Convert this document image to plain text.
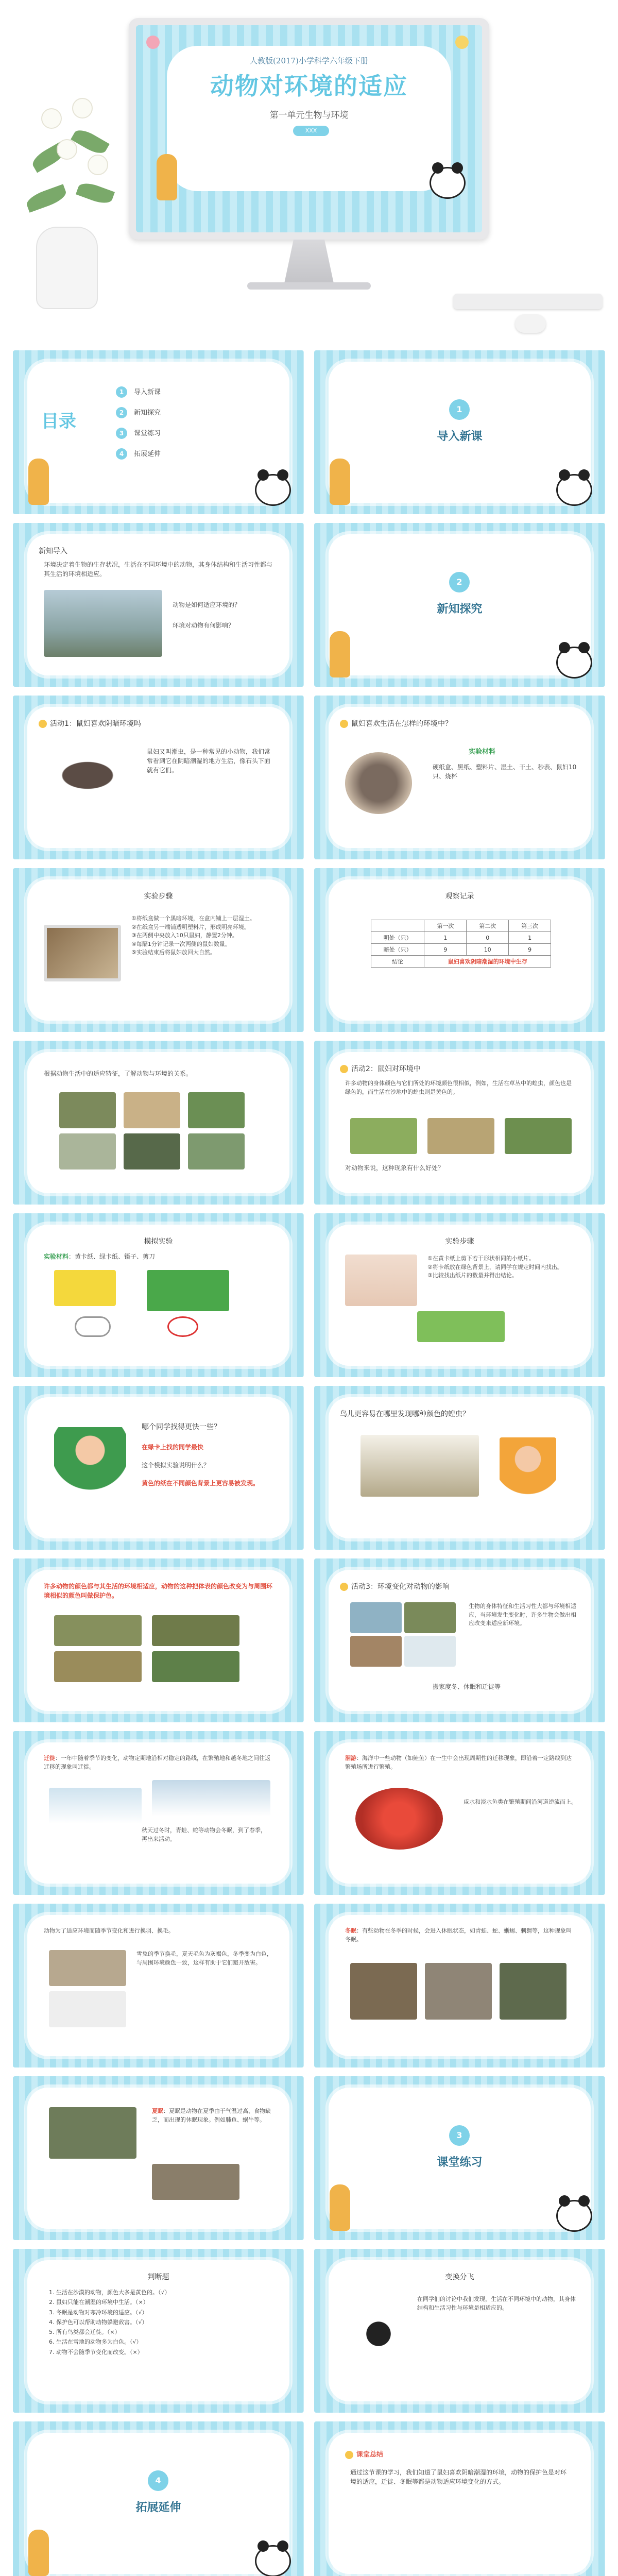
人教版(2017)小学科学六年级下册
动物对环境的适应
第一单元生物与环境
XXX
目录
1	导入新课
2	新知探究
3	课堂练习
4	拓展延伸
1
导入新课
新知导入
环境决定着生物的生存状况，生活在不同环境中的动物，其身体结构和生活习性都与其生活的环境相适应。
动物是如何适应环境的？
环境对动物有何影响？
2
新知探究
活动1：鼠妇喜欢阴暗环境吗
鼠妇又叫潮虫，是一种常见的小动物，我们常常看到它在阴暗潮湿的地方生活，像石头下面就有它们。
鼠妇喜欢生活在怎样的环境中？
实验材料
硬纸盒、黑纸、塑料片、湿土、干土、秒表、鼠妇10只、烧杯
实验步骤
①将纸盒做一个黑暗环境，在盒内铺上一层湿土。
②在纸盒另一端铺透明塑料片，形成明亮环境。
③在两侧中央放入10只鼠妇，静置2分钟。
④每隔1分钟记录一次两侧的鼠妇数量。
⑤实验结束后将鼠妇放回大自然。
观察记录
	第一次	第二次	第三次
明处（只）	1	0	1
暗处（只）	9	10	9
结论	鼠妇喜欢阴暗潮湿的环境中生存		
根据动物生活中的适应特征，了解动物与环境的关系。
活动2：鼠妇对环境中
许多动物的身体颜色与它们所处的环境颜色很相似，例如，生活在草丛中的蝗虫，颜色也是绿色的，而生活在沙地中的蝗虫则是黄色的。
对动物来说，这种现象有什么好处？
模拟实验
实验材料：黄卡纸、绿卡纸、镊子、剪刀
实验步骤
①在黄卡纸上剪下若干形状相同的小纸片。
②将卡纸放在绿色背景上，请同学在规定时间内找出。
③比较找出纸片的数量并得出结论。
哪个同学找得更快一些？
在绿卡上找的同学最快
这个模拟实验说明什么？
黄色的纸在不同颜色背景上更容易被发现。
鸟儿更容易在哪里发现哪种颜色的蝗虫？
许多动物的颜色都与其生活的环境相适应，动物的这种把体表的颜色改变为与周围环境相似的颜色叫做保护色。
活动3：环境变化对动物的影响
生物的身体特征和生活习性大都与环境相适应，当环境发生变化时，许多生物会做出相应改变来适应新环境。
搬家度冬、休眠和迁徙等
迁徙：一年中随着季节的变化，动物定期地沿相对稳定的路线，在繁殖地和越冬地之间往返迁移的现象叫迁徙。
秋天过冬时，青蛙、蛇等动物会冬眠，到了春季，再出来活动。
洄游：海洋中一些动物（如鲑鱼）在一生中会出现周期性的迁移现象，即沿着一定路线到达繁殖场所进行繁殖。
咸水和淡水鱼类在繁殖期间沿河道逆流而上。
动物为了适应环境而随季节变化和进行换羽、换毛。
雪兔的季节换毛，夏天毛色为灰褐色，冬季变为白色，与周围环境颜色一致，这样有助于它们避开敌害。
冬眠：有些动物在冬季的时候，会进入休眠状态，如青蛙、蛇、蜥蜴、刺猬等，这种现象叫冬眠。
夏眠：夏眠是动物在夏季由于气温过高、食物缺乏，而出现的休眠现象。例如肺鱼、蜗牛等。
3
课堂练习
判断题
1. 生活在沙漠的动物，颜色大多是黄色的。（√）
2. 鼠妇只能在潮湿的环境中生活。（×）
3. 冬眠是动物对寒冷环境的适应。（√）
4. 保护色可以帮助动物躲避敌害。（√）
5. 所有鸟类都会迁徙。（×）
6. 生活在雪地的动物多为白色。（√）
7. 动物不会随季节变化而改变。（×）
变换分飞
在同学们的讨论中我们发现，生活在不同环境中的动物，其身体结构和生活习性与环境是相适应的。
4
拓展延伸
课堂总结
通过这节课的学习，我们知道了鼠妇喜欢阴暗潮湿的环境，动物的保护色是对环境的适应，迁徙、冬眠等都是动物适应环境变化的方式。
